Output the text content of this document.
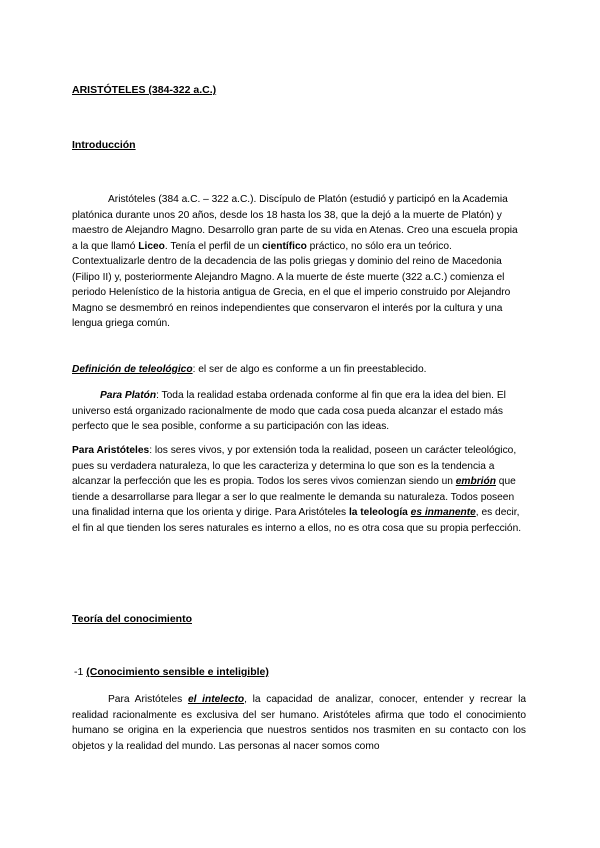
ARISTÓTELES (384-322 a.C.)
Introducción
Aristóteles (384 a.C. – 322 a.C.). Discípulo de Platón (estudió y participó en la Academia platónica durante unos 20 años, desde los 18 hasta los 38, que la dejó a la muerte de Platón) y maestro de Alejandro Magno. Desarrollo gran parte de su vida en Atenas. Creo una escuela propia a la que llamó Liceo. Tenía el perfil de un científico práctico, no sólo era un teórico. Contextualizarle dentro de la decadencia de las polis griegas y dominio del reino de Macedonia (Filipo II) y, posteriormente Alejandro Magno. A la muerte de éste muerte (322 a.C.) comienza el periodo Helenístico de la historia antigua de Grecia, en el que el imperio construido por Alejandro Magno se desmembró en reinos independientes que conservaron el interés por la cultura y una lengua griega común.
Definición de teleológico: el ser de algo es conforme a un fin preestablecido.
Para Platón: Toda la realidad estaba ordenada conforme al fin que era la idea del bien. El universo está organizado racionalmente de modo que cada cosa pueda alcanzar el estado más perfecto que le sea posible, conforme a su participación con las ideas.
Para Aristóteles: los seres vivos, y por extensión toda la realidad, poseen un carácter teleológico, pues su verdadera naturaleza, lo que les caracteriza y determina lo que son es la tendencia a alcanzar la perfección que les es propia. Todos los seres vivos comienzan siendo un embrión que tiende a desarrollarse para llegar a ser lo que realmente le demanda su naturaleza. Todos poseen una finalidad interna que los orienta y dirige. Para Aristóteles la teleología es inmanente, es decir, el fin al que tienden los seres naturales es interno a ellos, no es otra cosa que su propia perfección.
Teoría del conocimiento
-1 (Conocimiento sensible e inteligible)
Para Aristóteles el intelecto, la capacidad de analizar, conocer, entender y recrear la realidad racionalmente es exclusiva del ser humano. Aristóteles afirma que todo el conocimiento humano se origina en la experiencia que nuestros sentidos nos trasmiten en su contacto con los objetos y la realidad del mundo. Las personas al nacer somos como
